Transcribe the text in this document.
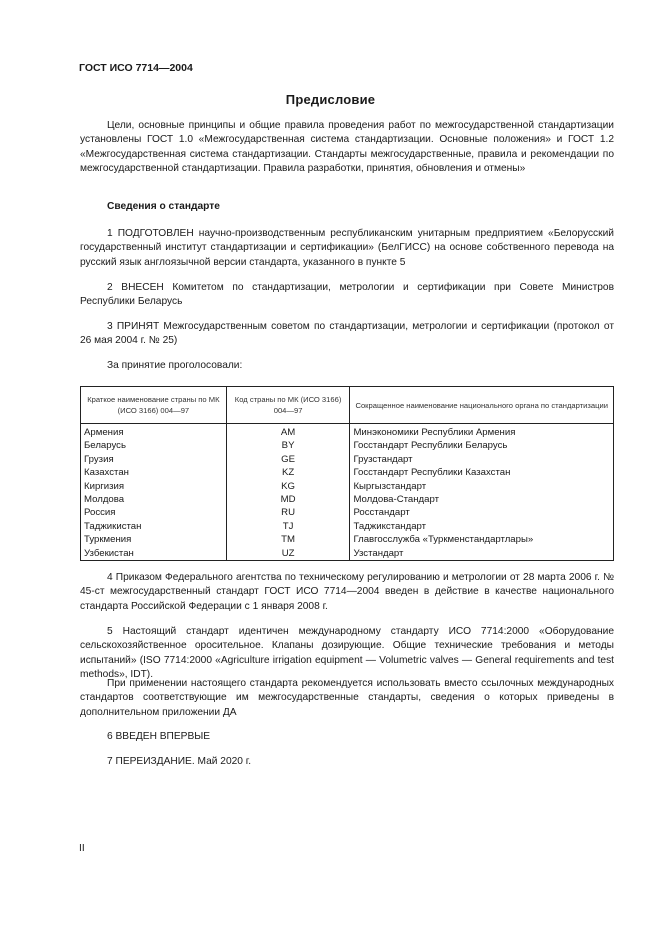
ГОСТ ИСО 7714—2004
Предисловие
Цели, основные принципы и общие правила проведения работ по межгосударственной стандартизации установлены ГОСТ 1.0 «Межгосударственная система стандартизации. Основные положения» и ГОСТ 1.2 «Межгосударственная система стандартизации. Стандарты межгосударственные, правила и рекомендации по межгосударственной стандартизации. Правила разработки, принятия, обновления и отмены»
Сведения о стандарте
1 ПОДГОТОВЛЕН научно-производственным республиканским унитарным предприятием «Белорусский государственный институт стандартизации и сертификации» (БелГИСС) на основе собственного перевода на русский язык англоязычной версии стандарта, указанного в пункте 5
2 ВНЕСЕН Комитетом по стандартизации, метрологии и сертификации при Совете Министров Республики Беларусь
3 ПРИНЯТ Межгосударственным советом по стандартизации, метрологии и сертификации (протокол от 26 мая 2004 г. № 25)
За принятие проголосовали:
Краткое наименование страны по МК (ИСО 3166) 004—97	Код страны по МК (ИСО 3166) 004—97	Сокращенное наименование национального органа по стандартизации
Армения	AM	Минэкономики Республики Армения
Беларусь	BY	Госстандарт Республики Беларусь
Грузия	GE	Грузстандарт
Казахстан	KZ	Госстандарт Республики Казахстан
Киргизия	KG	Кыргызстандарт
Молдова	MD	Молдова-Стандарт
Россия	RU	Росстандарт
Таджикистан	TJ	Таджикстандарт
Туркмения	TM	Главгосслужба «Туркменстандартлары»
Узбекистан	UZ	Узстандарт
4 Приказом Федерального агентства по техническому регулированию и метрологии от 28 марта 2006 г. № 45-ст межгосударственный стандарт ГОСТ ИСО 7714—2004 введен в действие в качестве национального стандарта Российской Федерации с 1 января 2008 г.
5 Настоящий стандарт идентичен международному стандарту ИСО 7714:2000 «Оборудование сельскохозяйственное оросительное. Клапаны дозирующие. Общие технические требования и методы испытаний» (ISO 7714:2000 «Agriculture irrigation equipment — Volumetric valves — General requirements and test methods», IDT).
При применении настоящего стандарта рекомендуется использовать вместо ссылочных международных стандартов соответствующие им межгосударственные стандарты, сведения о которых приведены в дополнительном приложении ДА
6 ВВЕДЕН ВПЕРВЫЕ
7 ПЕРЕИЗДАНИЕ. Май 2020 г.
II
